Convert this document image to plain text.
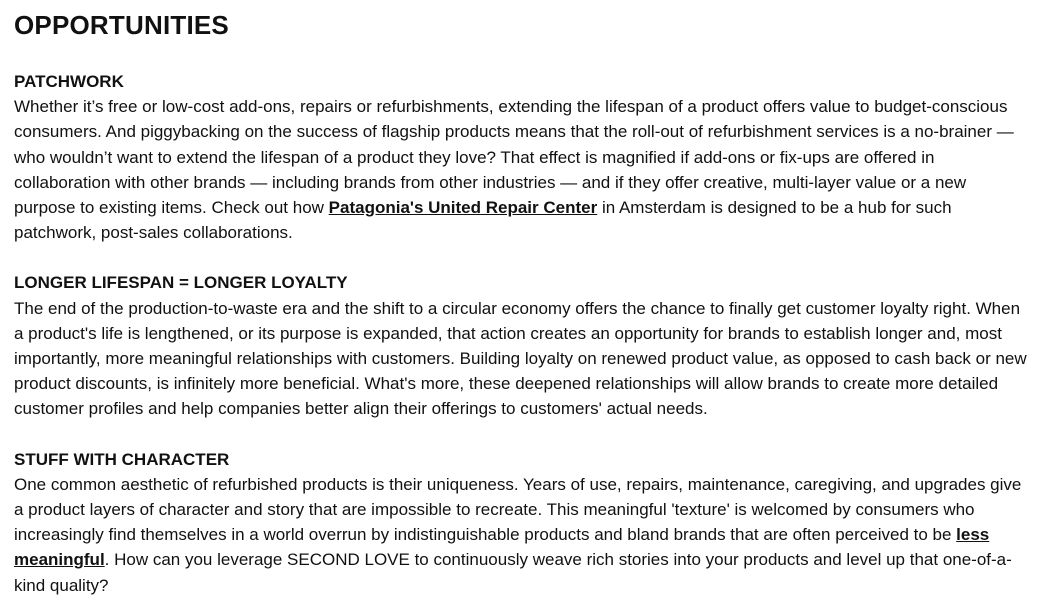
OPPORTUNITIES

PATCHWORK

Whether it’s free or low-cost add-ons, repairs or refurbishments, extending the lifespan of a product offers value to budget-conscious consumers. And piggybacking on the success of flagship products means that the roll-out of refurbishment services is a no-brainer — who wouldn’t want to extend the lifespan of a product they love? That effect is magnified if add-ons or fix-ups are offered in collaboration with other brands — including brands from other industries — and if they offer creative, multi-layer value or a new purpose to existing items. Check out how Patagonia's United Repair Center in Amsterdam is designed to be a hub for such patchwork, post-sales collaborations.

LONGER LIFESPAN = LONGER LOYALTY

The end of the production-to-waste era and the shift to a circular economy offers the chance to finally get customer loyalty right. When a product's life is lengthened, or its purpose is expanded, that action creates an opportunity for brands to establish longer and, most importantly, more meaningful relationships with customers. Building loyalty on renewed product value, as opposed to cash back or new product discounts, is infinitely more beneficial. What's more, these deepened relationships will allow brands to create more detailed customer profiles and help companies better align their offerings to customers' actual needs.

STUFF WITH CHARACTER

One common aesthetic of refurbished products is their uniqueness. Years of use, repairs, maintenance, caregiving, and upgrades give a product layers of character and story that are impossible to recreate. This meaningful 'texture' is welcomed by consumers who increasingly find themselves in a world overrun by indistinguishable products and bland brands that are often perceived to be less meaningful. How can you leverage SECOND LOVE to continuously weave rich stories into your products and level up that one-of-a-kind quality?
